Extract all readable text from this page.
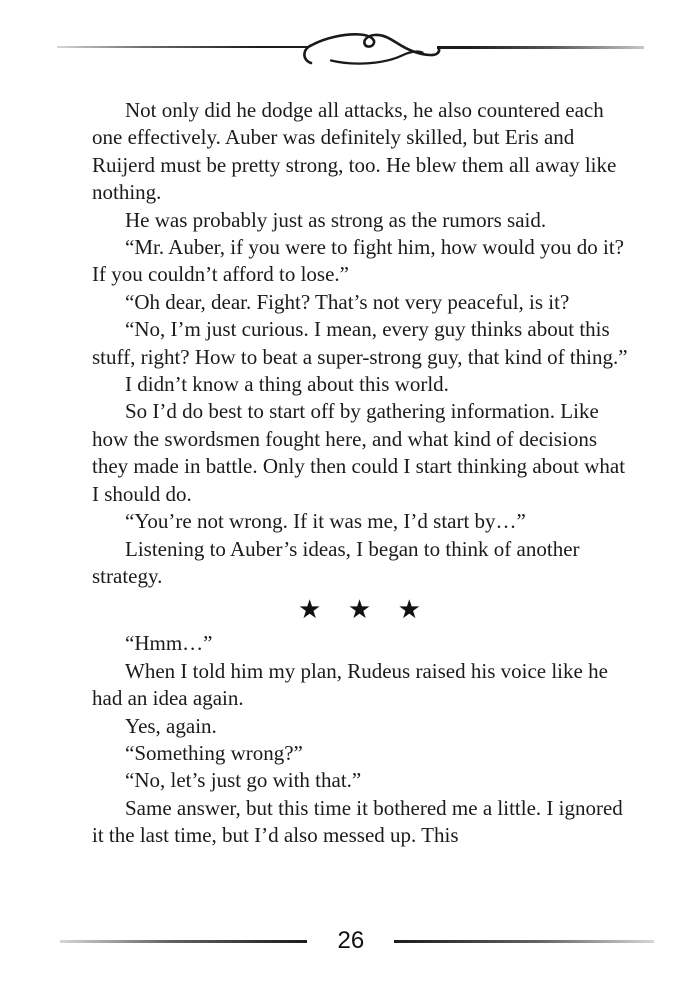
Not only did he dodge all attacks, he also countered each one effectively. Auber was definitely skilled, but Eris and Ruijerd must be pretty strong, too. He blew them all away like nothing.

He was probably just as strong as the rumors said.

“Mr. Auber, if you were to fight him, how would you do it? If you couldn’t afford to lose.”

“Oh dear, dear. Fight? That’s not very peaceful, is it?

“No, I’m just curious. I mean, every guy thinks about this stuff, right? How to beat a super-strong guy, that kind of thing.”

I didn’t know a thing about this world.

So I’d do best to start off by gathering information. Like how the swordsmen fought here, and what kind of decisions they made in battle. Only then could I start thinking about what I should do.

“You’re not wrong. If it was me, I’d start by…”

Listening to Auber’s ideas, I began to think of another strategy.

★ ★ ★

“Hmm…”

When I told him my plan, Rudeus raised his voice like he had an idea again.

Yes, again.

“Something wrong?”

“No, let’s just go with that.”

Same answer, but this time it bothered me a little. I ignored it the last time, but I’d also messed up. This

26
